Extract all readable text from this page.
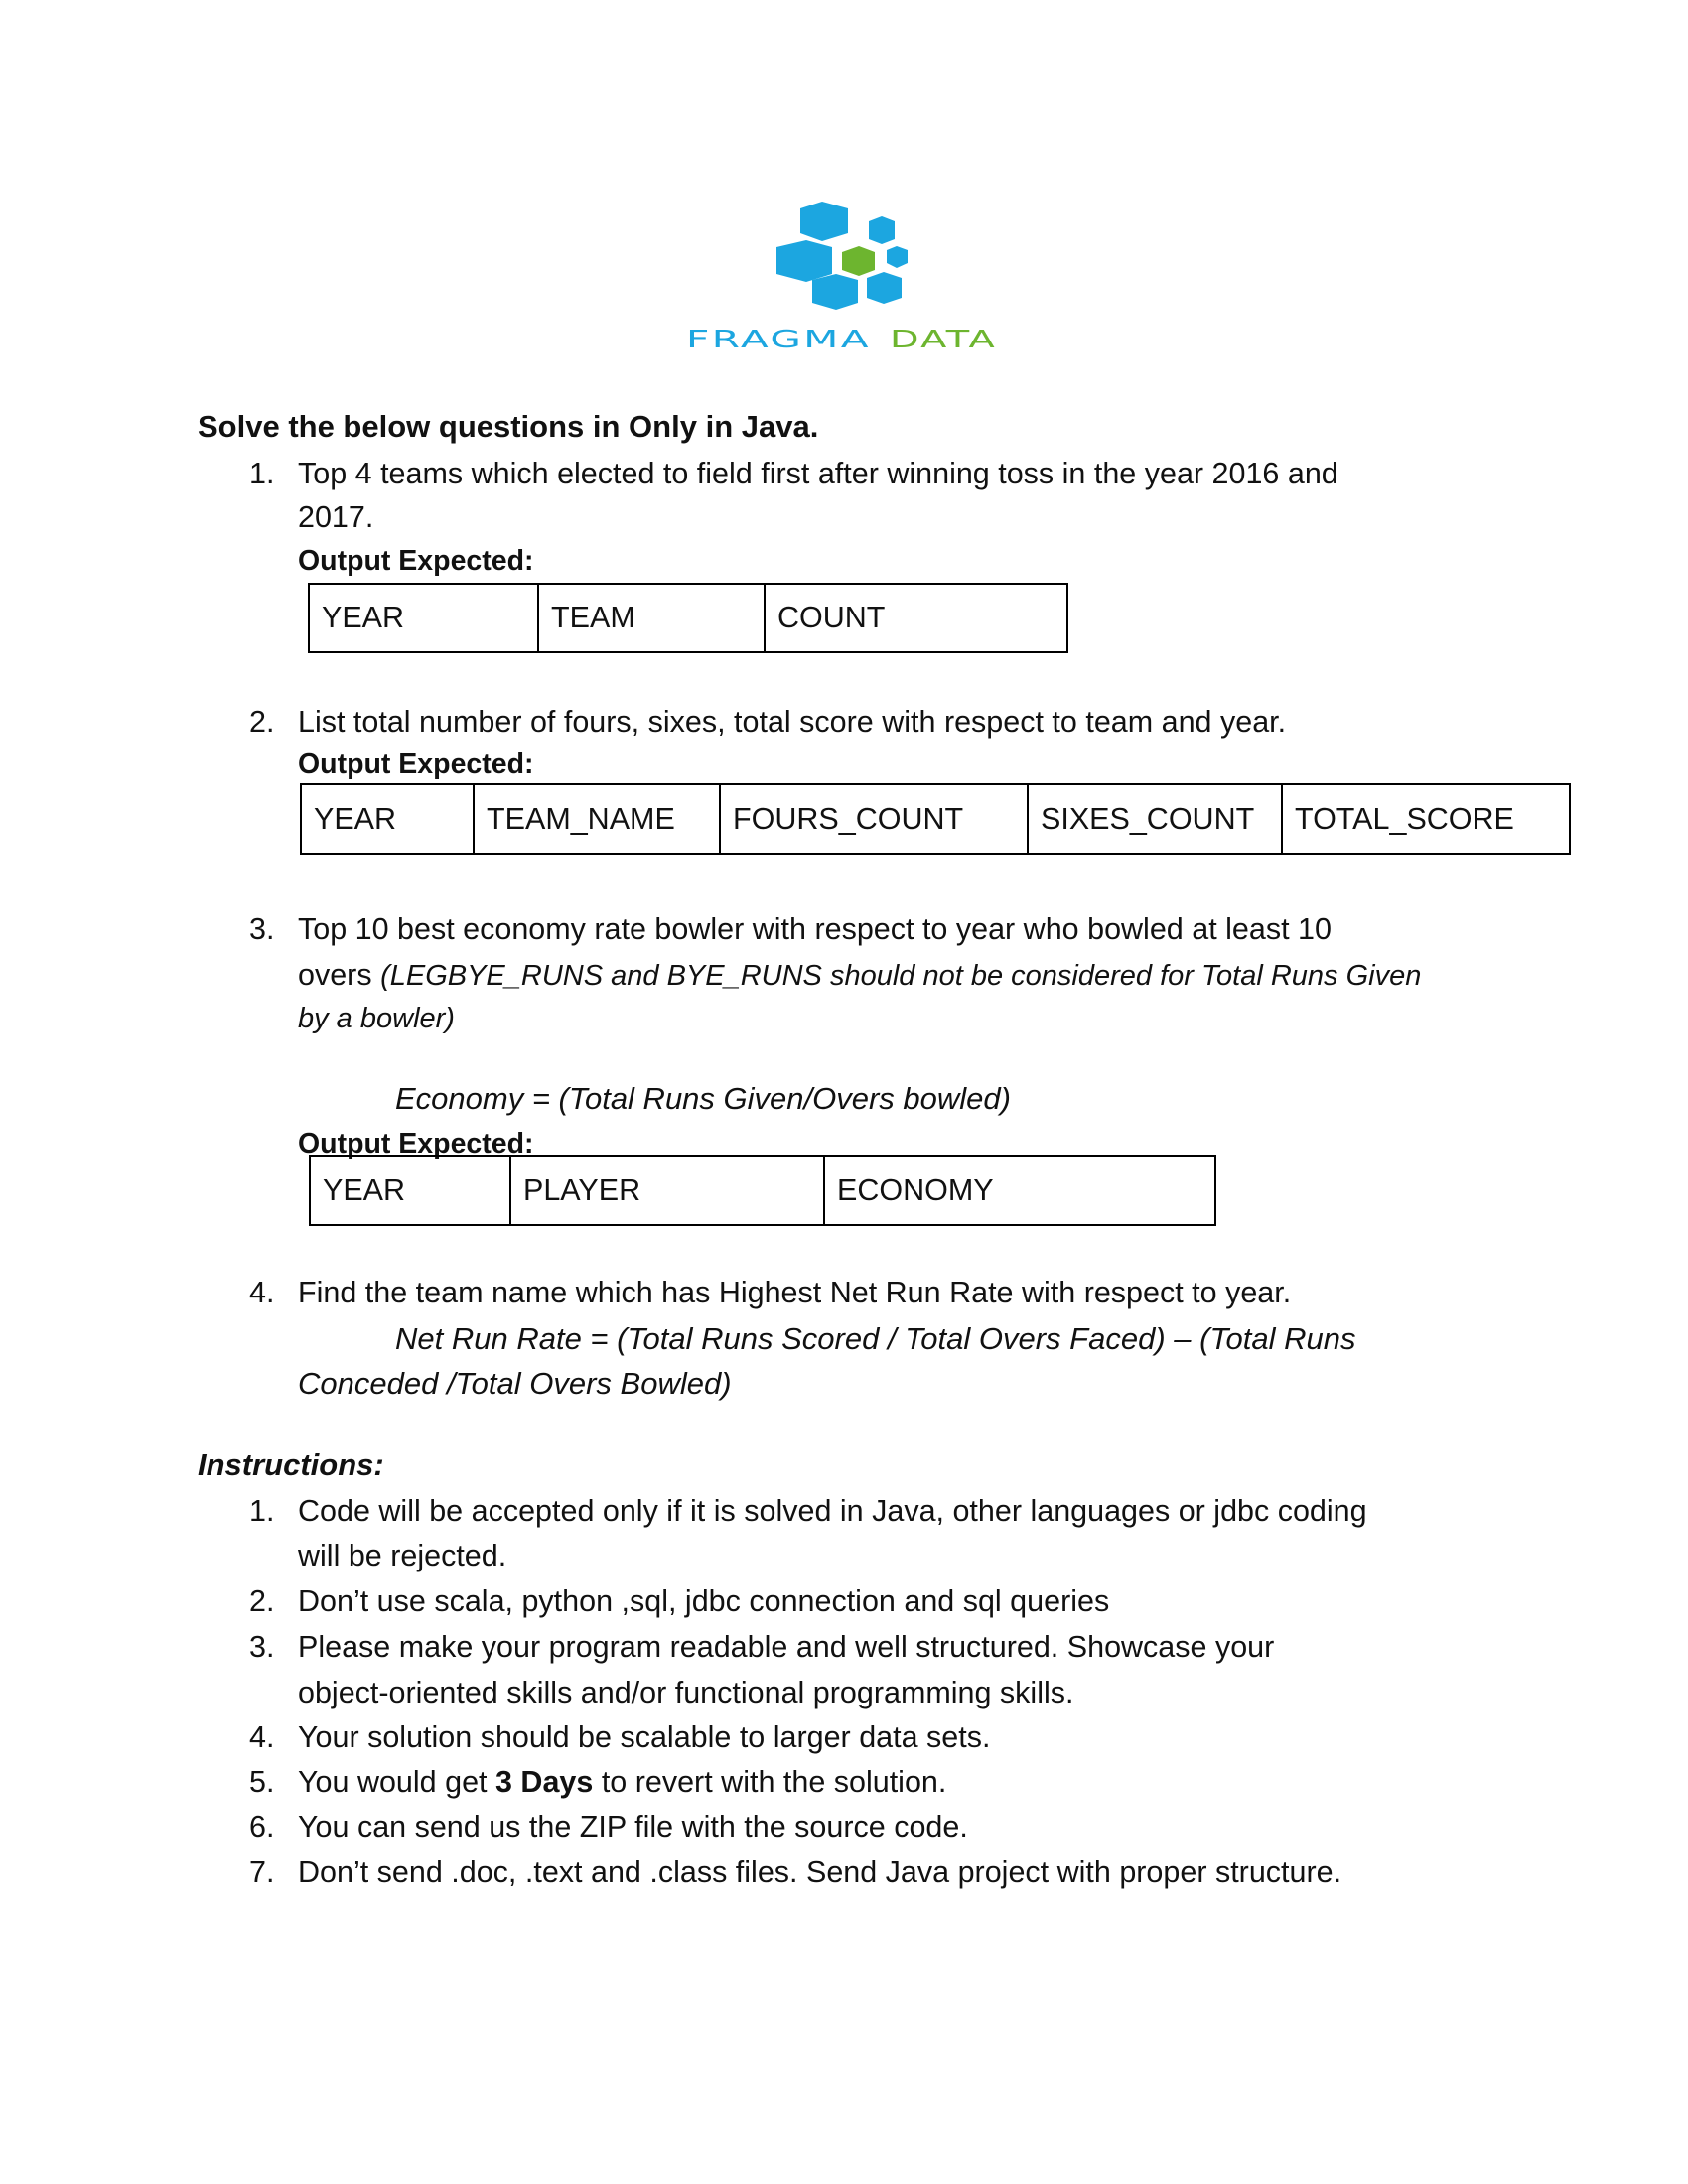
FRAGMA DATA
Solve the below questions in Only in Java.
1. Top 4 teams which elected to field first after winning toss in the year 2016 and
2017.
Output Expected:
YEAR	TEAM	COUNT
2. List total number of fours, sixes, total score with respect to team and year.
Output Expected:
YEAR	TEAM_NAME	FOURS_COUNT	SIXES_COUNT	TOTAL_SCORE
3. Top 10 best economy rate bowler with respect to year who bowled at least 10
overs (LEGBYE_RUNS and BYE_RUNS should not be considered for Total Runs Given
by a bowler)
Economy = (Total Runs Given/Overs bowled)
Output Expected:
YEAR	PLAYER	ECONOMY
4. Find the team name which has Highest Net Run Rate with respect to year.
Net Run Rate = (Total Runs Scored / Total Overs Faced) – (Total Runs
Conceded /Total Overs Bowled)
Instructions:
1. Code will be accepted only if it is solved in Java, other languages or jdbc coding
will be rejected.
2. Don’t use scala, python ,sql, jdbc connection and sql queries
3. Please make your program readable and well structured. Showcase your
object-oriented skills and/or functional programming skills.
4. Your solution should be scalable to larger data sets.
5. You would get 3 Days to revert with the solution.
6. You can send us the ZIP file with the source code.
7. Don’t send .doc, .text and .class files. Send Java project with proper structure.
